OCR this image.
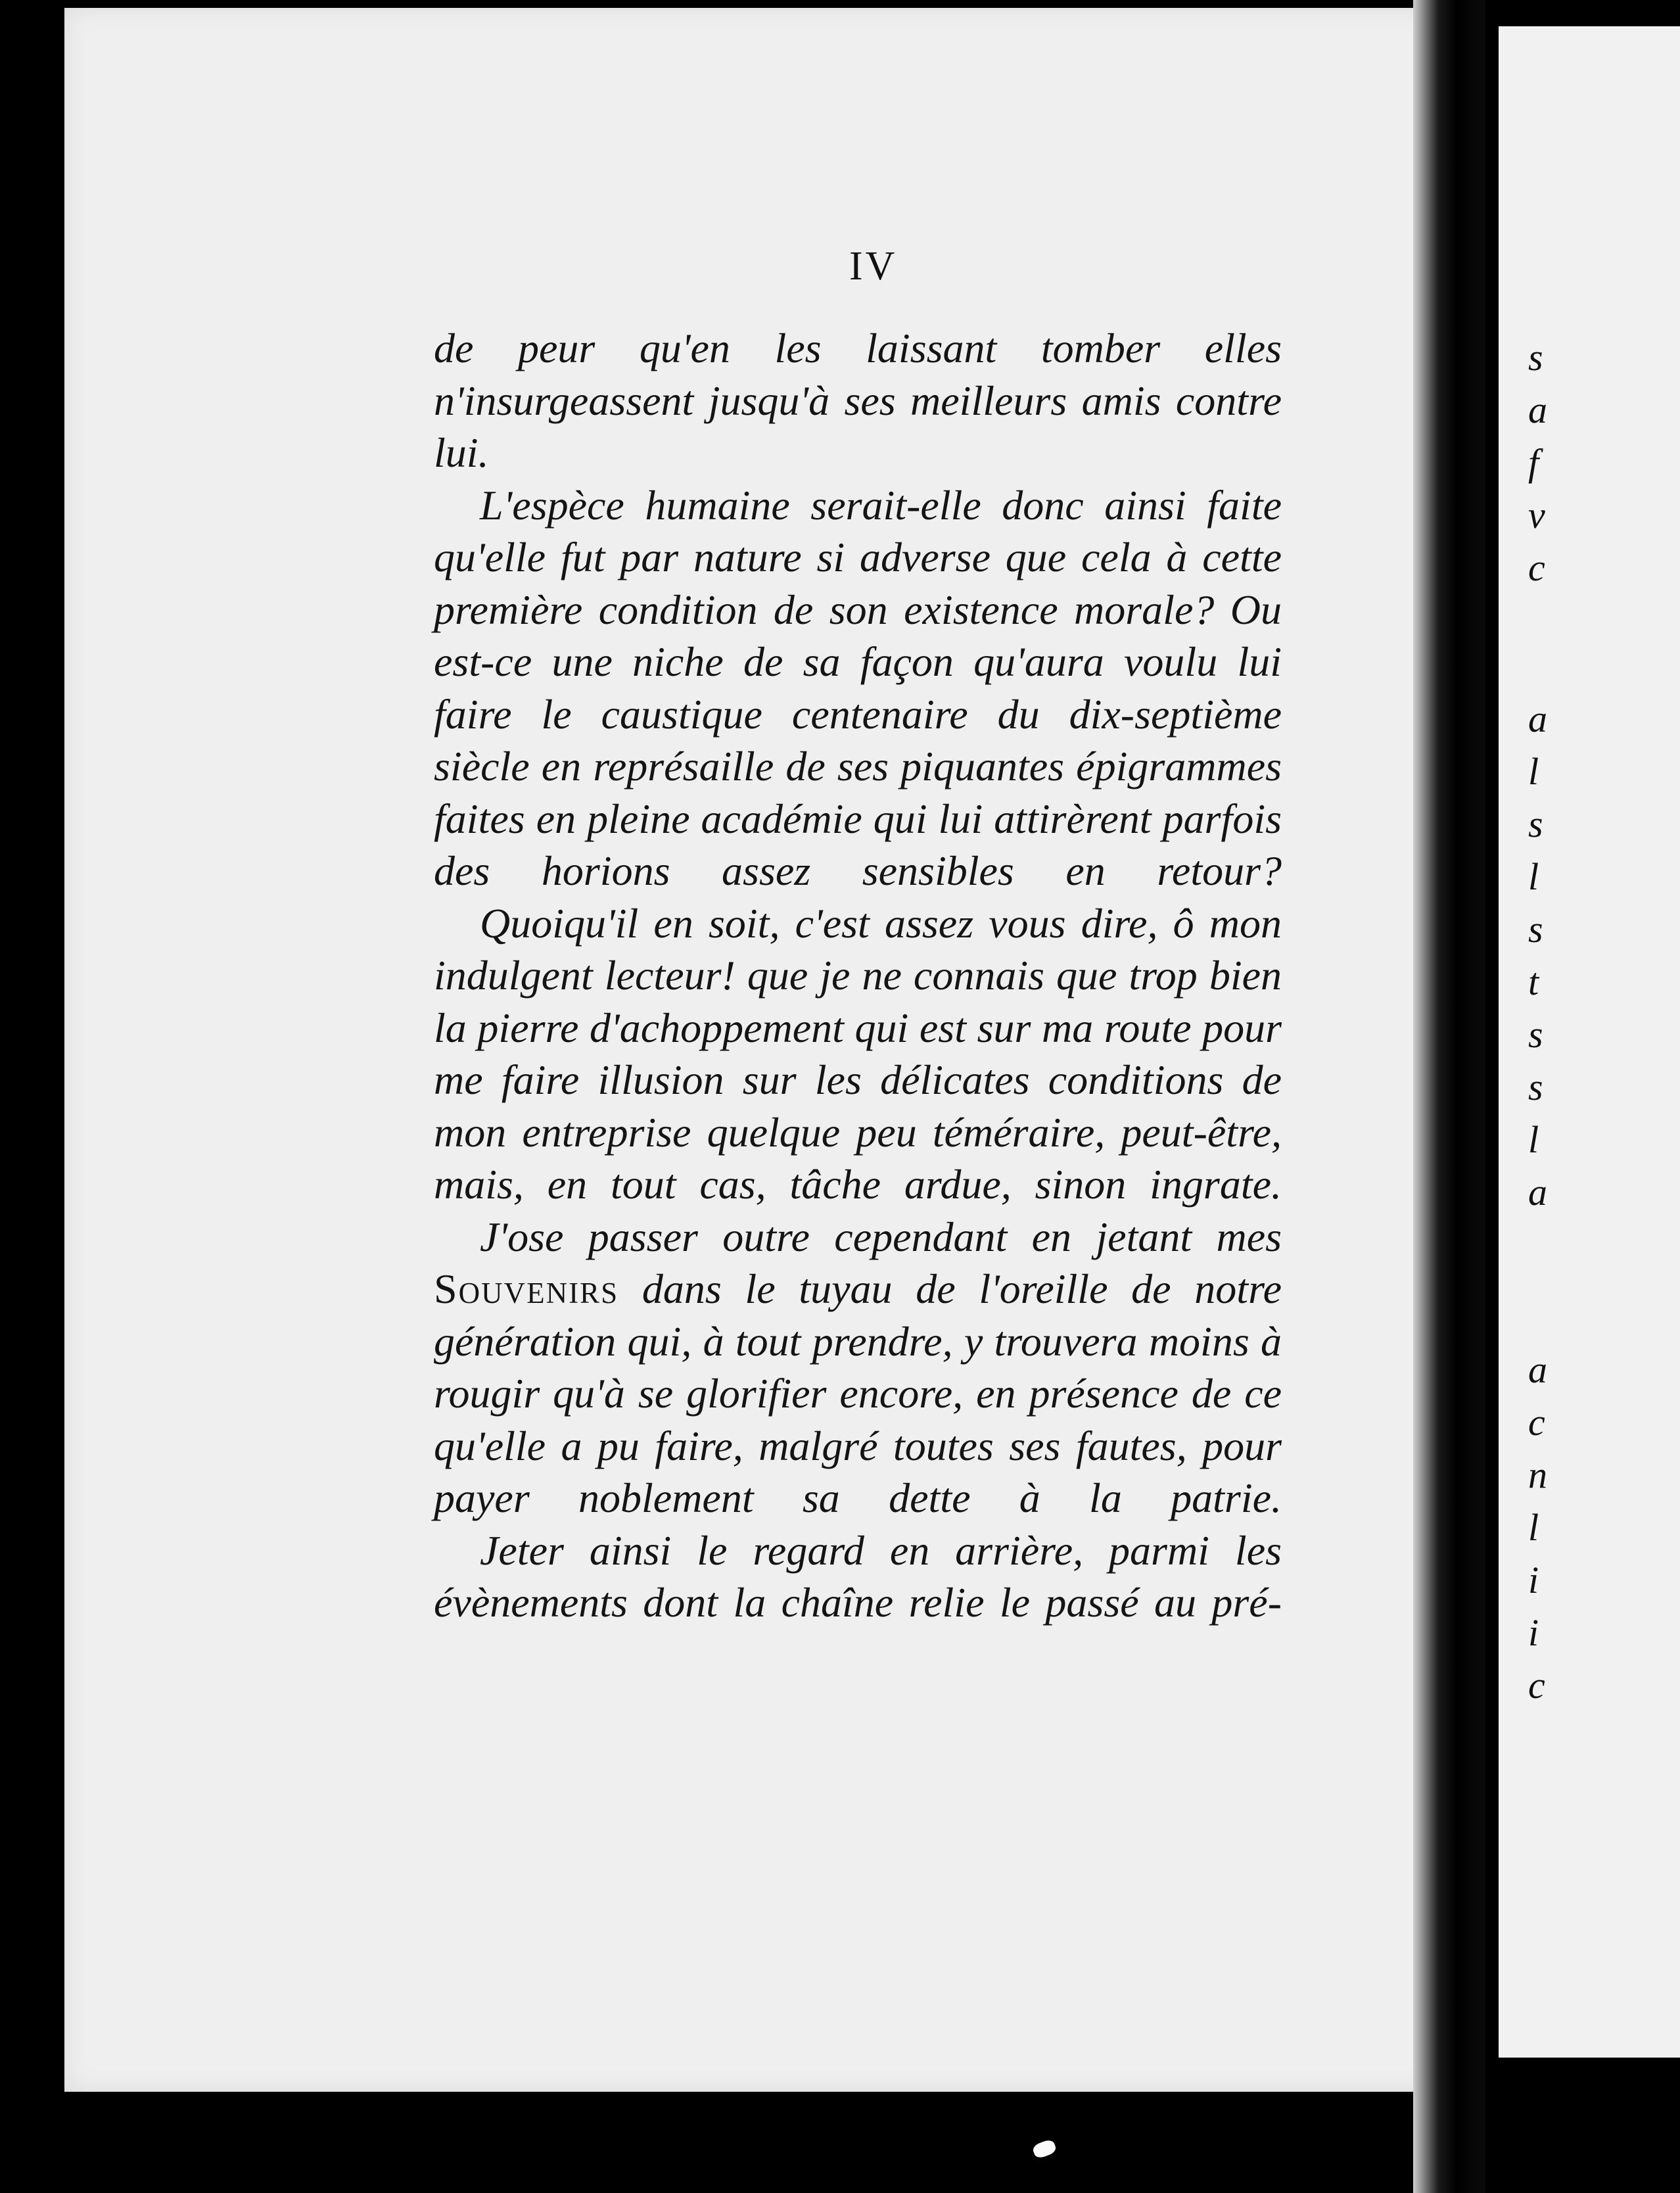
IV

de peur qu'en les laissant tomber elles n'insurgeassent jusqu'à ses meilleurs amis contre lui.

L'espèce humaine serait-elle donc ainsi faite qu'elle fut par nature si adverse que cela à cette première condition de son existence morale? Ou est-ce une niche de sa façon qu'aura voulu lui faire le caustique centenaire du dix-septième siècle en représaille de ses piquantes épigrammes faites en pleine académie qui lui attirèrent parfois des horions assez sensibles en retour?

Quoiqu'il en soit, c'est assez vous dire, ô mon indulgent lecteur! que je ne connais que trop bien la pierre d'achoppement qui est sur ma route pour me faire illusion sur les délicates conditions de mon entreprise quelque peu téméraire, peut-être, mais, en tout cas, tâche ardue, sinon ingrate.

J'ose passer outre cependant en jetant mes Souvenirs dans le tuyau de l'oreille de notre génération qui, à tout prendre, y trouvera moins à rougir qu'à se glorifier encore, en présence de ce qu'elle a pu faire, malgré toutes ses fautes, pour payer noblement sa dette à la patrie.

Jeter ainsi le regard en arrière, parmi les évènements dont la chaîne relie le passé au pré-

s
a
f
v
c
a
l
s
l
s
t
s
s
l
a
a
c
n
l
i
i
c
